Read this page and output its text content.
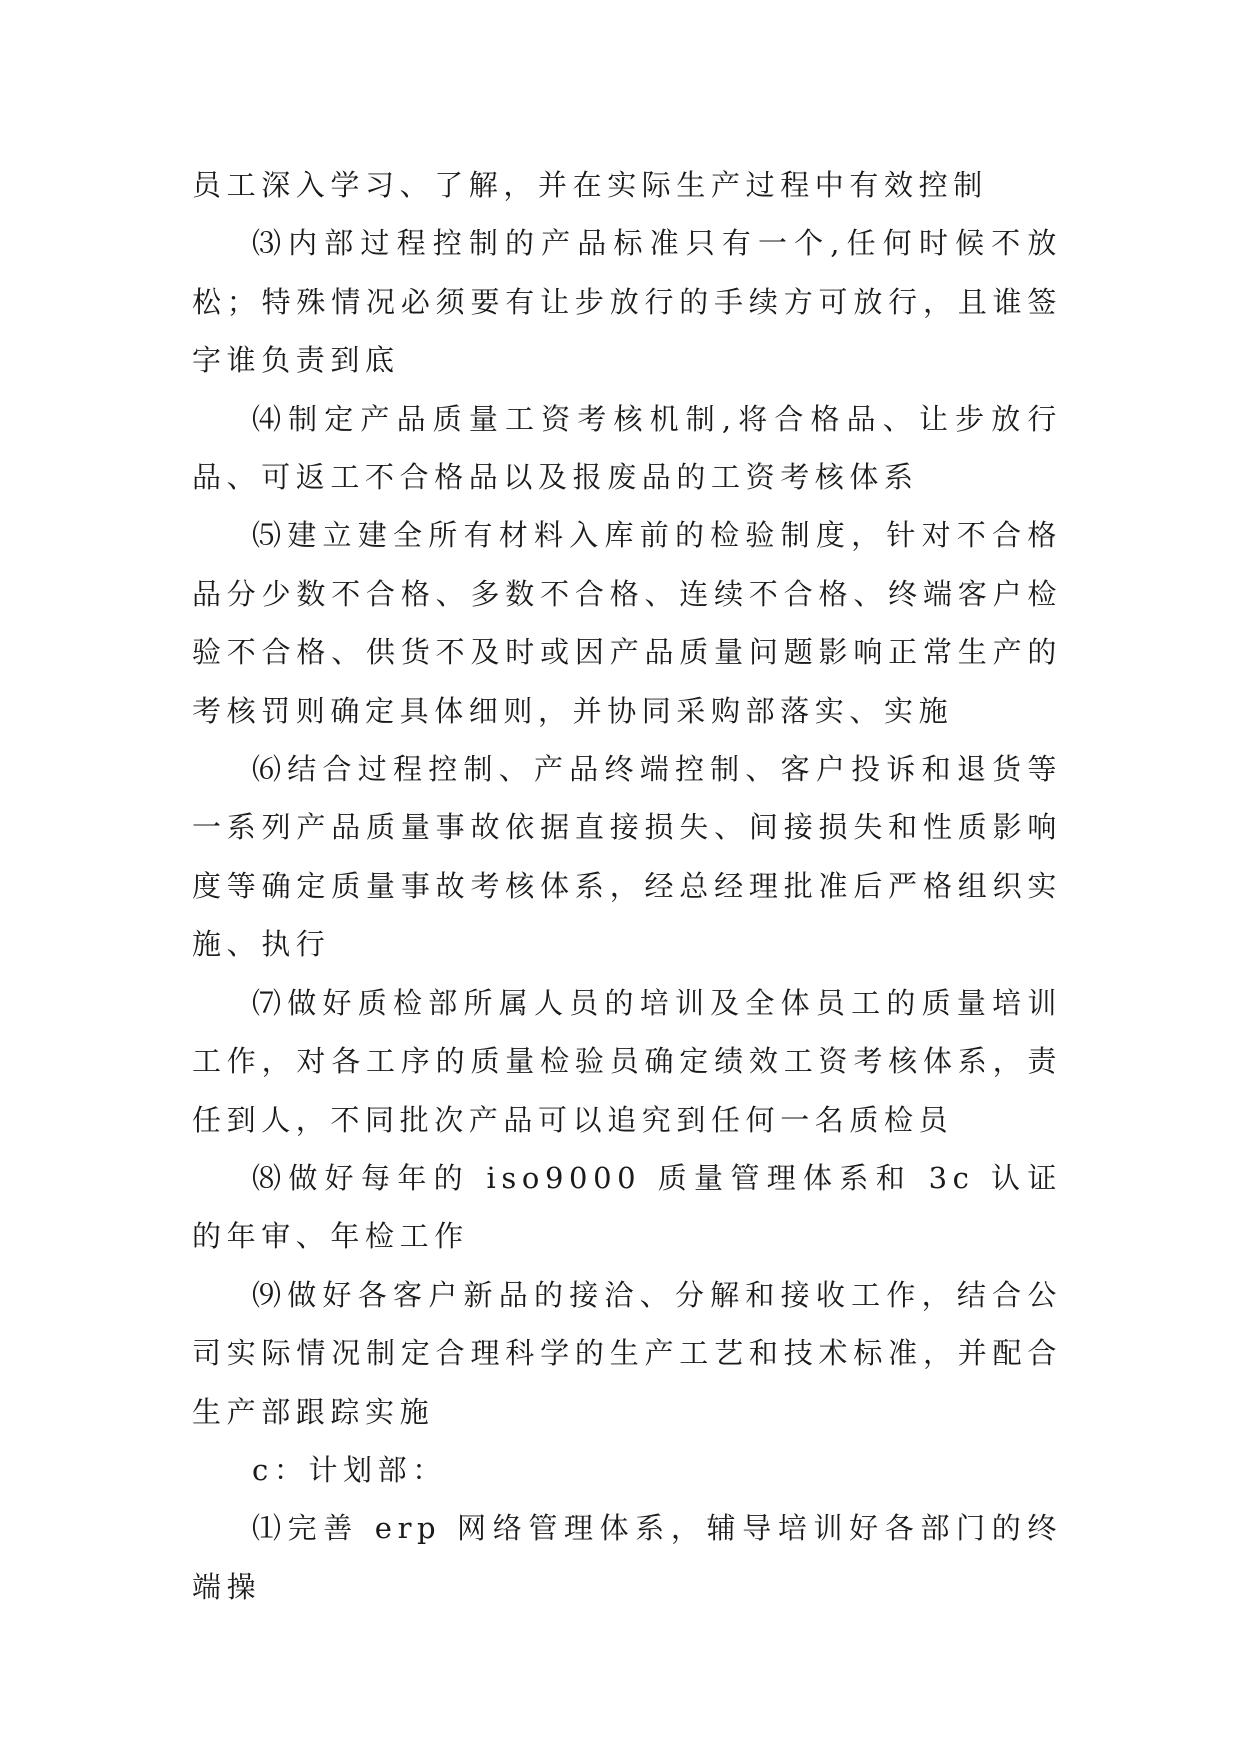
员工深入学习、了解，并在实际生产过程中有效控制

⑶内部过程控制的产品标准只有一个,任何时候不放松；特殊情况必须要有让步放行的手续方可放行，且谁签字谁负责到底

⑷制定产品质量工资考核机制,将合格品、让步放行品、可返工不合格品以及报废品的工资考核体系

⑸建立建全所有材料入库前的检验制度，针对不合格品分少数不合格、多数不合格、连续不合格、终端客户检验不合格、供货不及时或因产品质量问题影响正常生产的考核罚则确定具体细则，并协同采购部落实、实施

⑹结合过程控制、产品终端控制、客户投诉和退货等一系列产品质量事故依据直接损失、间接损失和性质影响度等确定质量事故考核体系，经总经理批准后严格组织实施、执行

⑺做好质检部所属人员的培训及全体员工的质量培训工作，对各工序的质量检验员确定绩效工资考核体系，责任到人，不同批次产品可以追究到任何一名质检员

⑻做好每年的 iso9000 质量管理体系和 3c 认证的年审、年检工作

⑼做好各客户新品的接洽、分解和接收工作，结合公司实际情况制定合理科学的生产工艺和技术标准，并配合生产部跟踪实施

c：计划部：

⑴完善 erp 网络管理体系，辅导培训好各部门的终端操
